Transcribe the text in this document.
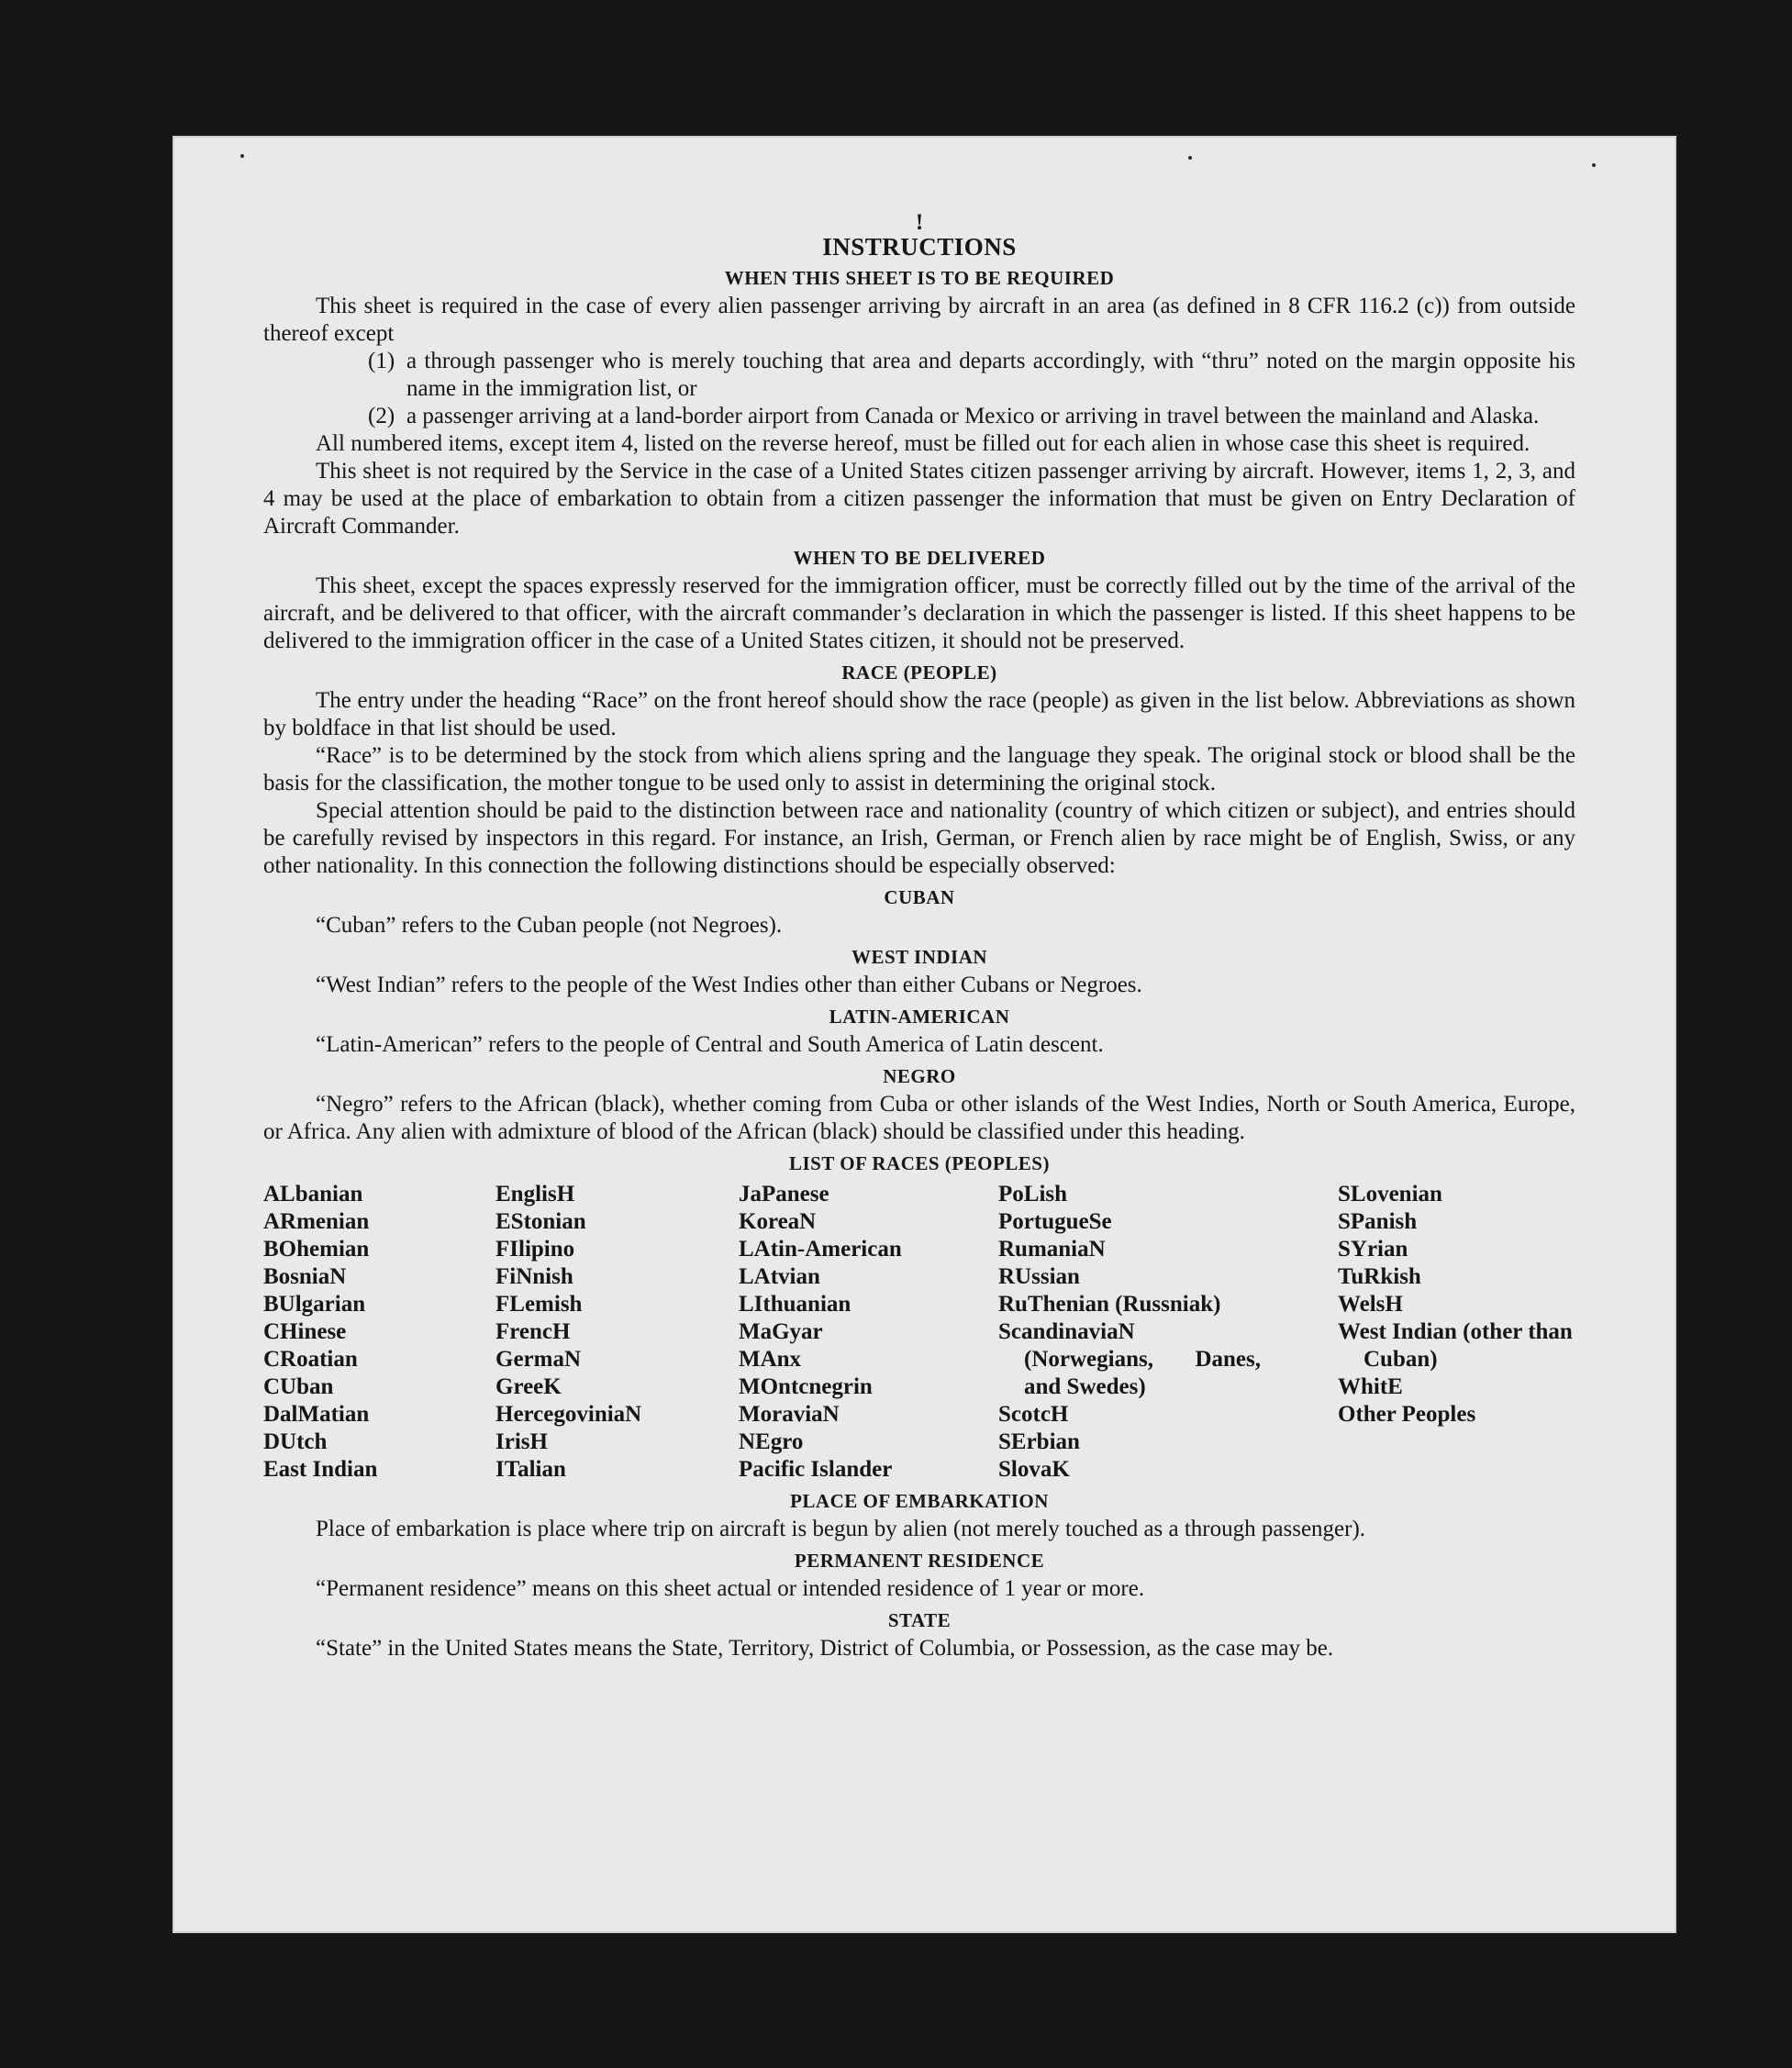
!
INSTRUCTIONS
WHEN THIS SHEET IS TO BE REQUIRED

This sheet is required in the case of every alien passenger arriving by aircraft in an area (as defined in 8 CFR 116.2 (c)) from outside thereof except

(1) a through passenger who is merely touching that area and departs accordingly, with “thru” noted on the margin opposite his name in the immigration list, or
(2) a passenger arriving at a land-border airport from Canada or Mexico or arriving in travel between the mainland and Alaska.

All numbered items, except item 4, listed on the reverse hereof, must be filled out for each alien in whose case this sheet is required.

This sheet is not required by the Service in the case of a United States citizen passenger arriving by aircraft. However, items 1, 2, 3, and 4 may be used at the place of embarkation to obtain from a citizen passenger the information that must be given on Entry Declaration of Aircraft Commander.

WHEN TO BE DELIVERED

This sheet, except the spaces expressly reserved for the immigration officer, must be correctly filled out by the time of the arrival of the aircraft, and be delivered to that officer, with the aircraft commander’s declaration in which the passenger is listed. If this sheet happens to be delivered to the immigration officer in the case of a United States citizen, it should not be preserved.

RACE (PEOPLE)

The entry under the heading “Race” on the front hereof should show the race (people) as given in the list below. Abbreviations as shown by boldface in that list should be used.

“Race” is to be determined by the stock from which aliens spring and the language they speak. The original stock or blood shall be the basis for the classification, the mother tongue to be used only to assist in determining the original stock.

Special attention should be paid to the distinction between race and nationality (country of which citizen or subject), and entries should be carefully revised by inspectors in this regard. For instance, an Irish, German, or French alien by race might be of English, Swiss, or any other nationality. In this connection the following distinctions should be especially observed:

CUBAN

“Cuban” refers to the Cuban people (not Negroes).

WEST INDIAN

“West Indian” refers to the people of the West Indies other than either Cubans or Negroes.

LATIN-AMERICAN

“Latin-American” refers to the people of Central and South America of Latin descent.

NEGRO

“Negro” refers to the African (black), whether coming from Cuba or other islands of the West Indies, North or South America, Europe, or Africa. Any alien with admixture of blood of the African (black) should be classified under this heading.

LIST OF RACES (PEOPLES)
ALbanian
ARmenian
BOhemian
BosniaN
BUlgarian
CHinese
CRoatian
CUban
DalMatian
DUtch
East Indian
EnglisH
EStonian
FIlipino
FiNnish
FLemish
FrencH
GermaN
GreeK
HercegoviniaN
IrisH
ITalian
JaPanese
KoreaN
LAtin-American
LAtvian
LIthuanian
MaGyar
MAnx
MOntcnegrin
MoraviaN
NEgro
Pacific Islander
PoLish
PortugueSe
RumaniaN
RUssian
RuThenian (Russniak)
ScandinaviaN (Norwegians, Danes, and Swedes)
ScotcH
SErbian
SlovaK
SLovenian
SPanish
SYrian
TuRkish
WelsH
West Indian (other than Cuban)
WhitE
Other Peoples
PLACE OF EMBARKATION

Place of embarkation is place where trip on aircraft is begun by alien (not merely touched as a through passenger).

PERMANENT RESIDENCE

“Permanent residence” means on this sheet actual or intended residence of 1 year or more.

STATE

“State” in the United States means the State, Territory, District of Columbia, or Possession, as the case may be.
